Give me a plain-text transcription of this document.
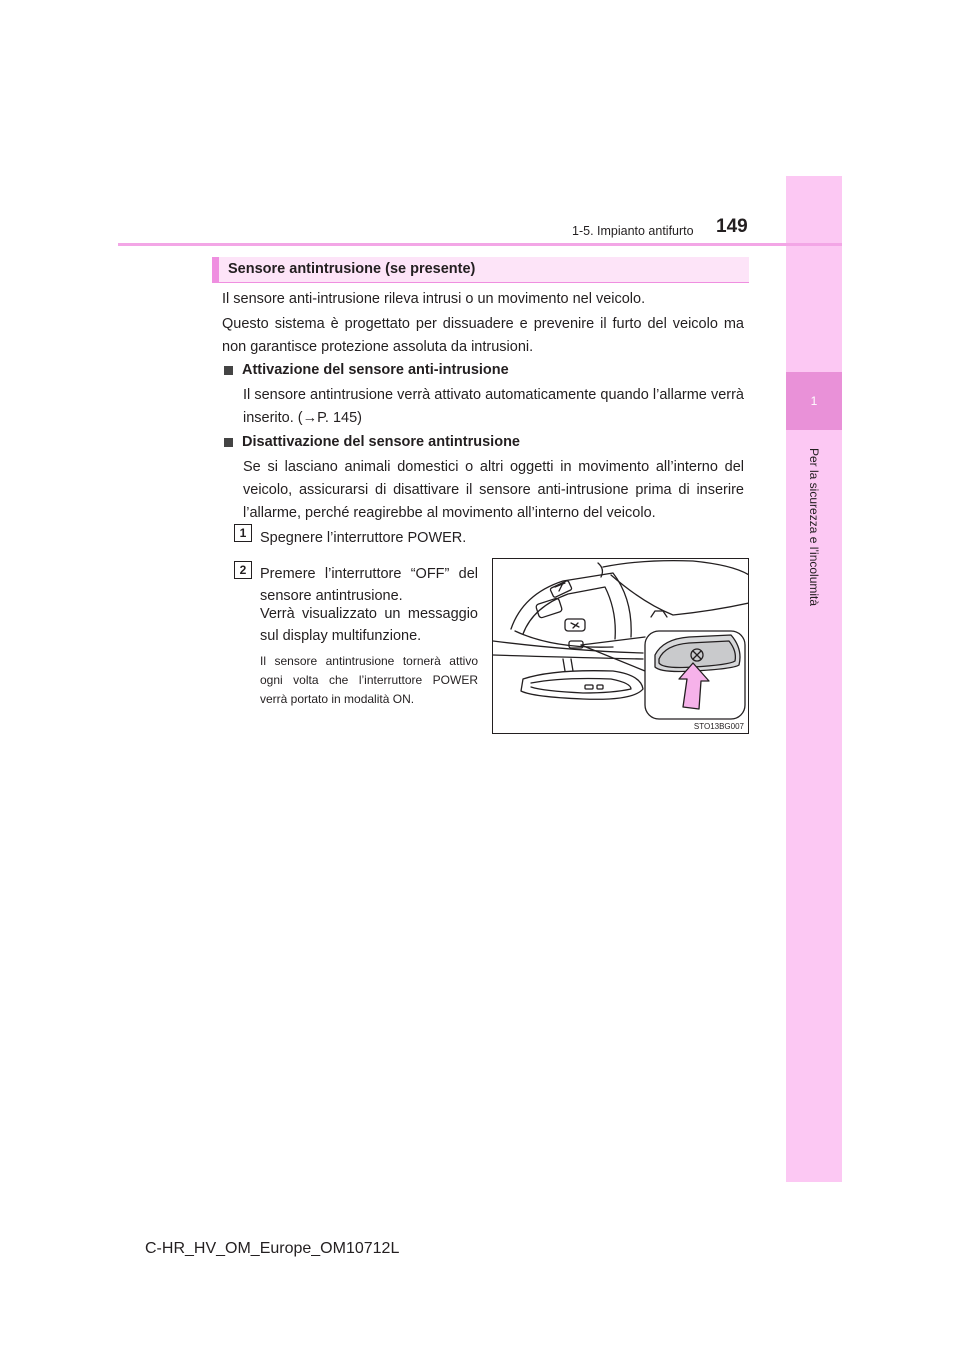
1
Per la sicurezza e l’incolumità
1-5. Impianto antifurto 149
Sensore antintrusione (se presente)
Il sensore anti-intrusione rileva intrusi o un movimento nel veicolo.
Questo sistema è progettato per dissuadere e prevenire il furto del veicolo ma non garantisce protezione assoluta da intrusioni.
Attivazione del sensore anti-intrusione
Il sensore antintrusione verrà attivato automaticamente quando l’allarme verrà inserito. (→P. 145)
Disattivazione del sensore antintrusione
Se si lasciano animali domestici o altri oggetti in movimento all’interno del veicolo, assicurarsi di disattivare il sensore anti-intrusione prima di inserire l’allarme, perché reagirebbe al movimento all’interno del veicolo.
1 Spegnere l’interruttore POWER.
2 Premere l’interruttore “OFF” del
sensore antintrusione.
Verrà visualizzato un messaggio
sul display multifunzione.
Il sensore antintrusione tornerà attivo ogni volta che l’interruttore POWER verrà portato in modalità ON.
STO13BG007
C-HR_HV_OM_Europe_OM10712L
